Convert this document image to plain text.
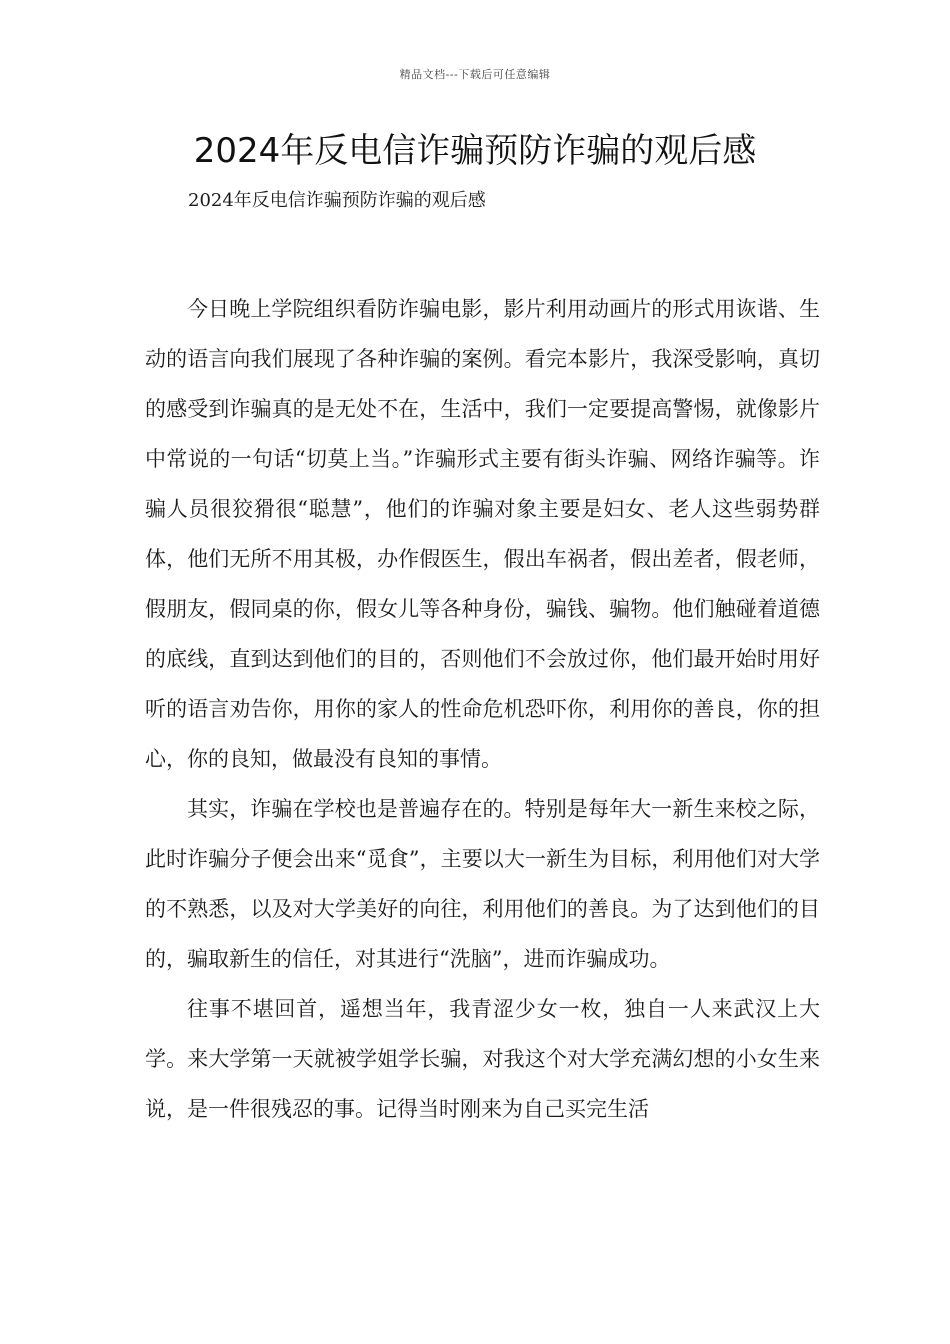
精品文档---下载后可任意编辑
2024年反电信诈骗预防诈骗的观后感
2024年反电信诈骗预防诈骗的观后感

今日晚上学院组织看防诈骗电影，影片利用动画片的形式用诙谐、生动的语言向我们展现了各种诈骗的案例。看完本影片，我深受影响，真切的感受到诈骗真的是无处不在，生活中，我们一定要提高警惕，就像影片中常说的一句话“切莫上当。”诈骗形式主要有街头诈骗、网络诈骗等。诈骗人员很狡猾很“聪慧”，他们的诈骗对象主要是妇女、老人这些弱势群体，他们无所不用其极，办作假医生，假出车祸者，假出差者，假老师，假朋友，假同桌的你，假女儿等各种身份，骗钱、骗物。他们触碰着道德的底线，直到达到他们的目的，否则他们不会放过你，他们最开始时用好听的语言劝告你，用你的家人的性命危机恐吓你，利用你的善良，你的担心，你的良知，做最没有良知的事情。

其实，诈骗在学校也是普遍存在的。特别是每年大一新生来校之际，此时诈骗分子便会出来“觅食”，主要以大一新生为目标，利用他们对大学的不熟悉，以及对大学美好的向往，利用他们的善良。为了达到他们的目的，骗取新生的信任，对其进行“洗脑”，进而诈骗成功。

往事不堪回首，遥想当年，我青涩少女一枚，独自一人来武汉上大学。来大学第一天就被学姐学长骗，对我这个对大学充满幻想的小女生来说，是一件很残忍的事。记得当时刚来为自己买完生活
